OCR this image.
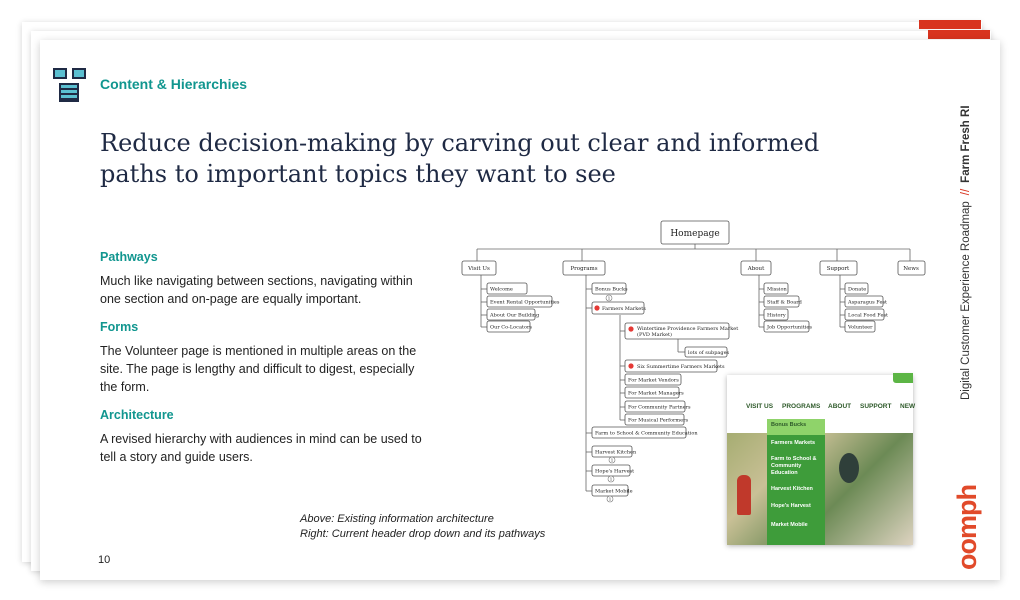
Content & Hierarchies
Reduce decision-making by carving out clear and informed
paths to important topics they want to see
Pathways
Much like navigating between sections, navigating within
one section and on-page are equally important.
Forms
The Volunteer page is mentioned in multiple areas on the
site. The page is lengthy and difficult to digest, especially
the form.
Architecture
A revised hierarchy with audiences in mind can be used to
tell a story and guide users.
Homepage
Visit Us	Programs	About	Support	News
Welcome
Event Rental Opportunities
About Our Building
Our Co-Locators
Mission
Staff & Board
History
Job Opportunities
Donate
Asparagus Fest
Local Food Fest
Volunteer
Bonus Bucks
Farmers Markets
Wintertime Providence Farmers Market
(PVD Market)
lots of subpages
Six Summertime Farmers Markets
For Market Vendors
For Market Managers
For Community Partners
For Musical Performers
Farm to School & Community Education
Harvest Kitchen
Hope's Harvest
Market Mobile
1
1
1
1
VISIT US PROGRAMS ABOUT SUPPORT NEW
Bonus Bucks
Farmers Markets
Farm to School &
Community
Education
Harvest Kitchen
Hope's Harvest
Market Mobile
Above: Existing information architecture
Right: Current header drop down and its pathways
10
Digital Customer Experience Roadmap//Farm Fresh RI
oomph
